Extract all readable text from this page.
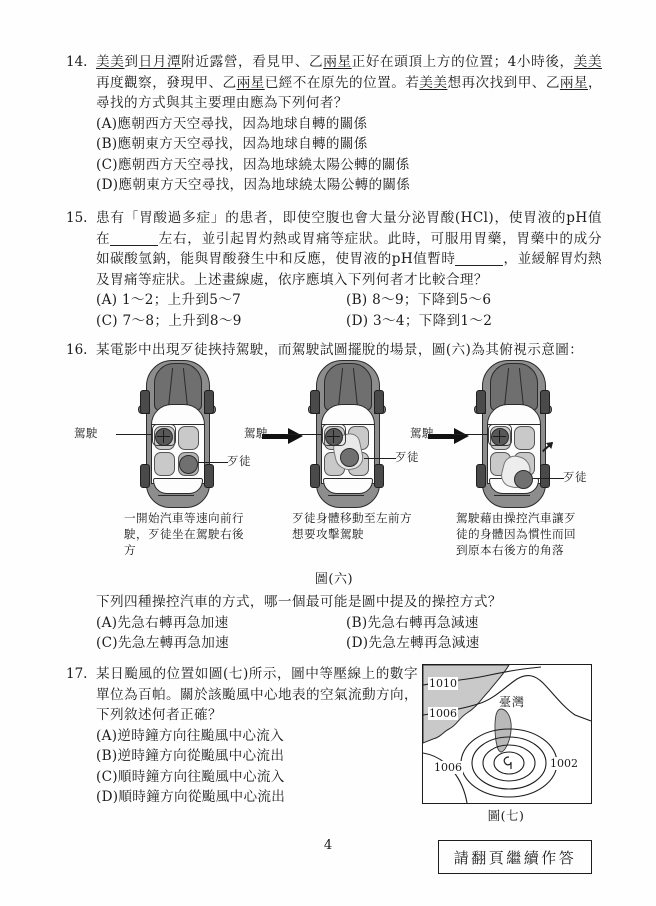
14. 美美到日月潭附近露營，看見甲、乙兩星正好在頭頂上方的位置；4小時後，美美再度觀察，發現甲、乙兩星已經不在原先的位置。若美美想再次找到甲、乙兩星，尋找的方式與其主要理由應為下列何者？
(A)應朝西方天空尋找，因為地球自轉的關係
(B)應朝東方天空尋找，因為地球自轉的關係
(C)應朝西方天空尋找，因為地球繞太陽公轉的關係
(D)應朝東方天空尋找，因為地球繞太陽公轉的關係
15. 患有「胃酸過多症」的患者，即使空腹也會大量分泌胃酸(HCl)，使胃液的pH值在	左右，並引起胃灼熱或胃痛等症狀。此時，可服用胃藥，胃藥中的成分如碳酸氫鈉，能與胃酸發生中和反應，使胃液的pH值暫時	，並緩解胃灼熱及胃痛等症狀。上述畫線處，依序應填入下列何者才比較合理？
(A) 1～2；上升到5～7	(B) 8～9；下降到5～6
(C) 7～8；上升到8～9	(D) 3～4；下降到1～2
16. 某電影中出現歹徒挾持駕駛，而駕駛試圖擺脫的場景，圖(六)為其俯視示意圖：
駕駛
歹徒
一開始汽車等速向前行駛，歹徒坐在駕駛右後方
駕駛
歹徒
歹徒身體移動至左前方想要攻擊駕駛
駕駛
歹徒
駕駛藉由操控汽車讓歹徒的身體因為慣性而回到原本右後方的角落
圖(六)
下列四種操控汽車的方式，哪一個最可能是圖中提及的操控方式？
(A)先急右轉再急加速	(B)先急右轉再急減速
(C)先急左轉再急加速	(D)先急左轉再急減速
17. 某日颱風的位置如圖(七)所示，圖中等壓線上的數字單位為百帕。關於該颱風中心地表的空氣流動方向，下列敘述何者正確？
(A)逆時鐘方向往颱風中心流入
(B)逆時鐘方向從颱風中心流出
(C)順時鐘方向往颱風中心流入
(D)順時鐘方向從颱風中心流出
1010
1006
1006	1002
臺灣
圖(七)
4
請翻頁繼續作答
